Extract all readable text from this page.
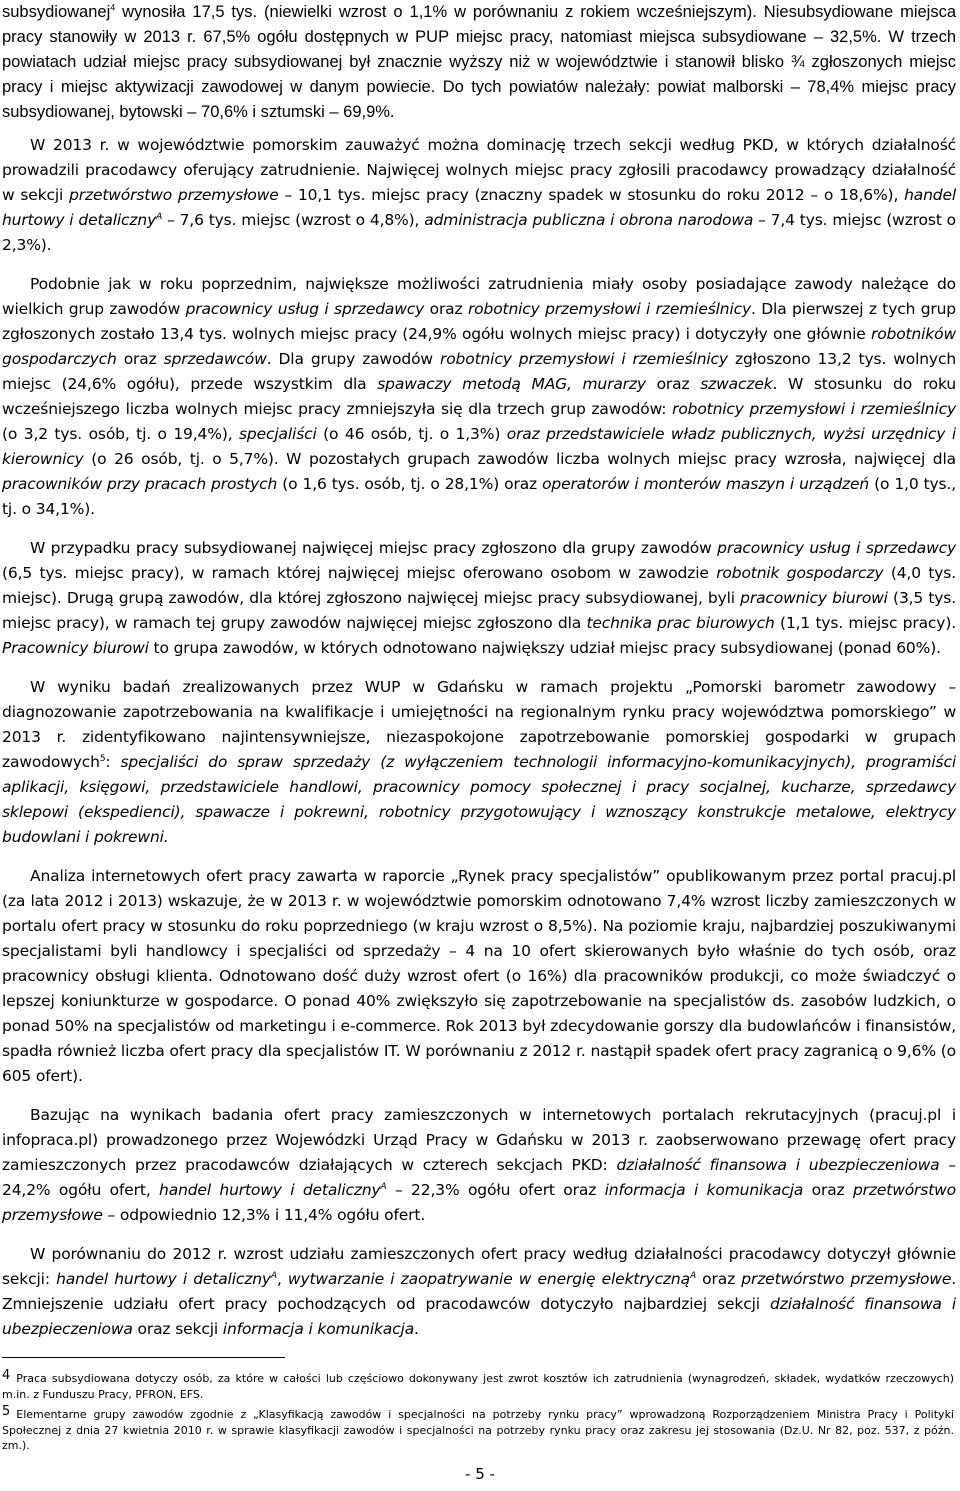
subsydiowanej$^4$ wynosiła 17,5 tys. (niewielki wzrost o 1,1% w porównaniu z rokiem wcześniejszym). Niesubsydiowane miejsca pracy stanowiły w 2013 r. 67,5% ogółu dostępnych w PUP miejsc pracy, natomiast miejsca subsydiowane – 32,5%. W trzech powiatach udział miejsc pracy subsydiowanej był znacznie wyższy niż w województwie i stanowił blisko ¾ zgłoszonych miejsc pracy i miejsc aktywizacji zawodowej w danym powiecie. Do tych powiatów należały: powiat malborski – 78,4% miejsc pracy subsydiowanej, bytowski – 70,6% i sztumski – 69,9%.

W 2013 r. w województwie pomorskim zauważyć można dominację trzech sekcji według PKD, w których działalność prowadzili pracodawcy oferujący zatrudnienie. Najwięcej wolnych miejsc pracy zgłosili pracodawcy prowadzący działalność w sekcji przetwórstwo przemysłowe – 10,1 tys. miejsc pracy (znaczny spadek w stosunku do roku 2012 – o 18,6%), handel hurtowy i detaliczny$^A$ – 7,6 tys. miejsc (wzrost o 4,8%), administracja publiczna i obrona narodowa – 7,4 tys. miejsc (wzrost o 2,3%).

Podobnie jak w roku poprzednim, największe możliwości zatrudnienia miały osoby posiadające zawody należące do wielkich grup zawodów pracownicy usług i sprzedawcy oraz robotnicy przemysłowi i rzemieślnicy. Dla pierwszej z tych grup zgłoszonych zostało 13,4 tys. wolnych miejsc pracy (24,9% ogółu wolnych miejsc pracy) i dotyczyły one głównie robotników gospodarczych oraz sprzedawców. Dla grupy zawodów robotnicy przemysłowi i rzemieślnicy zgłoszono 13,2 tys. wolnych miejsc (24,6% ogółu), przede wszystkim dla spawaczy metodą MAG, murarzy oraz szwaczek. W stosunku do roku wcześniejszego liczba wolnych miejsc pracy zmniejszyła się dla trzech grup zawodów: robotnicy przemysłowi i rzemieślnicy (o 3,2 tys. osób, tj. o 19,4%), specjaliści (o 46 osób, tj. o 1,3%) oraz przedstawiciele władz publicznych, wyżsi urzędnicy i kierownicy (o 26 osób, tj. o 5,7%). W pozostałych grupach zawodów liczba wolnych miejsc pracy wzrosła, najwięcej dla pracowników przy pracach prostych (o 1,6 tys. osób, tj. o 28,1%) oraz operatorów i monterów maszyn i urządzeń (o 1,0 tys., tj. o 34,1%).

W przypadku pracy subsydiowanej najwięcej miejsc pracy zgłoszono dla grupy zawodów pracownicy usług i sprzedawcy (6,5 tys. miejsc pracy), w ramach której najwięcej miejsc oferowano osobom w zawodzie robotnik gospodarczy (4,0 tys. miejsc). Drugą grupą zawodów, dla której zgłoszono najwięcej miejsc pracy subsydiowanej, byli pracownicy biurowi (3,5 tys. miejsc pracy), w ramach tej grupy zawodów najwięcej miejsc zgłoszono dla technika prac biurowych (1,1 tys. miejsc pracy). Pracownicy biurowi to grupa zawodów, w których odnotowano największy udział miejsc pracy subsydiowanej (ponad 60%).

W wyniku badań zrealizowanych przez WUP w Gdańsku w ramach projektu „Pomorski barometr zawodowy – diagnozowanie zapotrzebowania na kwalifikacje i umiejętności na regionalnym rynku pracy województwa pomorskiego” w 2013 r. zidentyfikowano najintensywniejsze, niezaspokojone zapotrzebowanie pomorskiej gospodarki w grupach zawodowych$^5$: specjaliści do spraw sprzedaży (z wyłączeniem technologii informacyjno-komunikacyjnych), programiści aplikacji, księgowi, przedstawiciele handlowi, pracownicy pomocy społecznej i pracy socjalnej, kucharze, sprzedawcy sklepowi (ekspedienci), spawacze i pokrewni, robotnicy przygotowujący i wznoszący konstrukcje metalowe, elektrycy budowlani i pokrewni.

Analiza internetowych ofert pracy zawarta w raporcie „Rynek pracy specjalistów” opublikowanym przez portal pracuj.pl (za lata 2012 i 2013) wskazuje, że w 2013 r. w województwie pomorskim odnotowano 7,4% wzrost liczby zamieszczonych w portalu ofert pracy w stosunku do roku poprzedniego (w kraju wzrost o 8,5%). Na poziomie kraju, najbardziej poszukiwanymi specjalistami byli handlowcy i specjaliści od sprzedaży – 4 na 10 ofert skierowanych było właśnie do tych osób, oraz pracownicy obsługi klienta. Odnotowano dość duży wzrost ofert (o 16%) dla pracowników produkcji, co może świadczyć o lepszej koniunkturze w gospodarce. O ponad 40% zwiększyło się zapotrzebowanie na specjalistów ds. zasobów ludzkich, o ponad 50% na specjalistów od marketingu i e-commerce. Rok 2013 był zdecydowanie gorszy dla budowlańców i finansistów, spadła również liczba ofert pracy dla specjalistów IT. W porównaniu z 2012 r. nastąpił spadek ofert pracy zagranicą o 9,6% (o 605 ofert).

Bazując na wynikach badania ofert pracy zamieszczonych w internetowych portalach rekrutacyjnych (pracuj.pl i infopraca.pl) prowadzonego przez Wojewódzki Urząd Pracy w Gdańsku w 2013 r. zaobserwowano przewagę ofert pracy zamieszczonych przez pracodawców działających w czterech sekcjach PKD: działalność finansowa i ubezpieczeniowa – 24,2% ogółu ofert, handel hurtowy i detaliczny$^A$ – 22,3% ogółu ofert oraz informacja i komunikacja oraz przetwórstwo przemysłowe – odpowiednio 12,3% i 11,4% ogółu ofert.

W porównaniu do 2012 r. wzrost udziału zamieszczonych ofert pracy według działalności pracodawcy dotyczył głównie sekcji: handel hurtowy i detaliczny$^A$, wytwarzanie i zaopatrywanie w energię elektryczną$^A$ oraz przetwórstwo przemysłowe. Zmniejszenie udziału ofert pracy pochodzących od pracodawców dotyczyło najbardziej sekcji działalność finansowa i ubezpieczeniowa oraz sekcji informacja i komunikacja.

4 Praca subsydiowana dotyczy osób, za które w całości lub częściowo dokonywany jest zwrot kosztów ich zatrudnienia (wynagrodzeń, składek, wydatków rzeczowych) m.in. z Funduszu Pracy, PFRON, EFS.

5 Elementarne grupy zawodów zgodnie z „Klasyfikacją zawodów i specjalności na potrzeby rynku pracy” wprowadzoną Rozporządzeniem Ministra Pracy i Polityki Społecznej z dnia 27 kwietnia 2010 r. w sprawie klasyfikacji zawodów i specjalności na potrzeby rynku pracy oraz zakresu jej stosowania (Dz.U. Nr 82, poz. 537, z późn. zm.).

- 5 -
